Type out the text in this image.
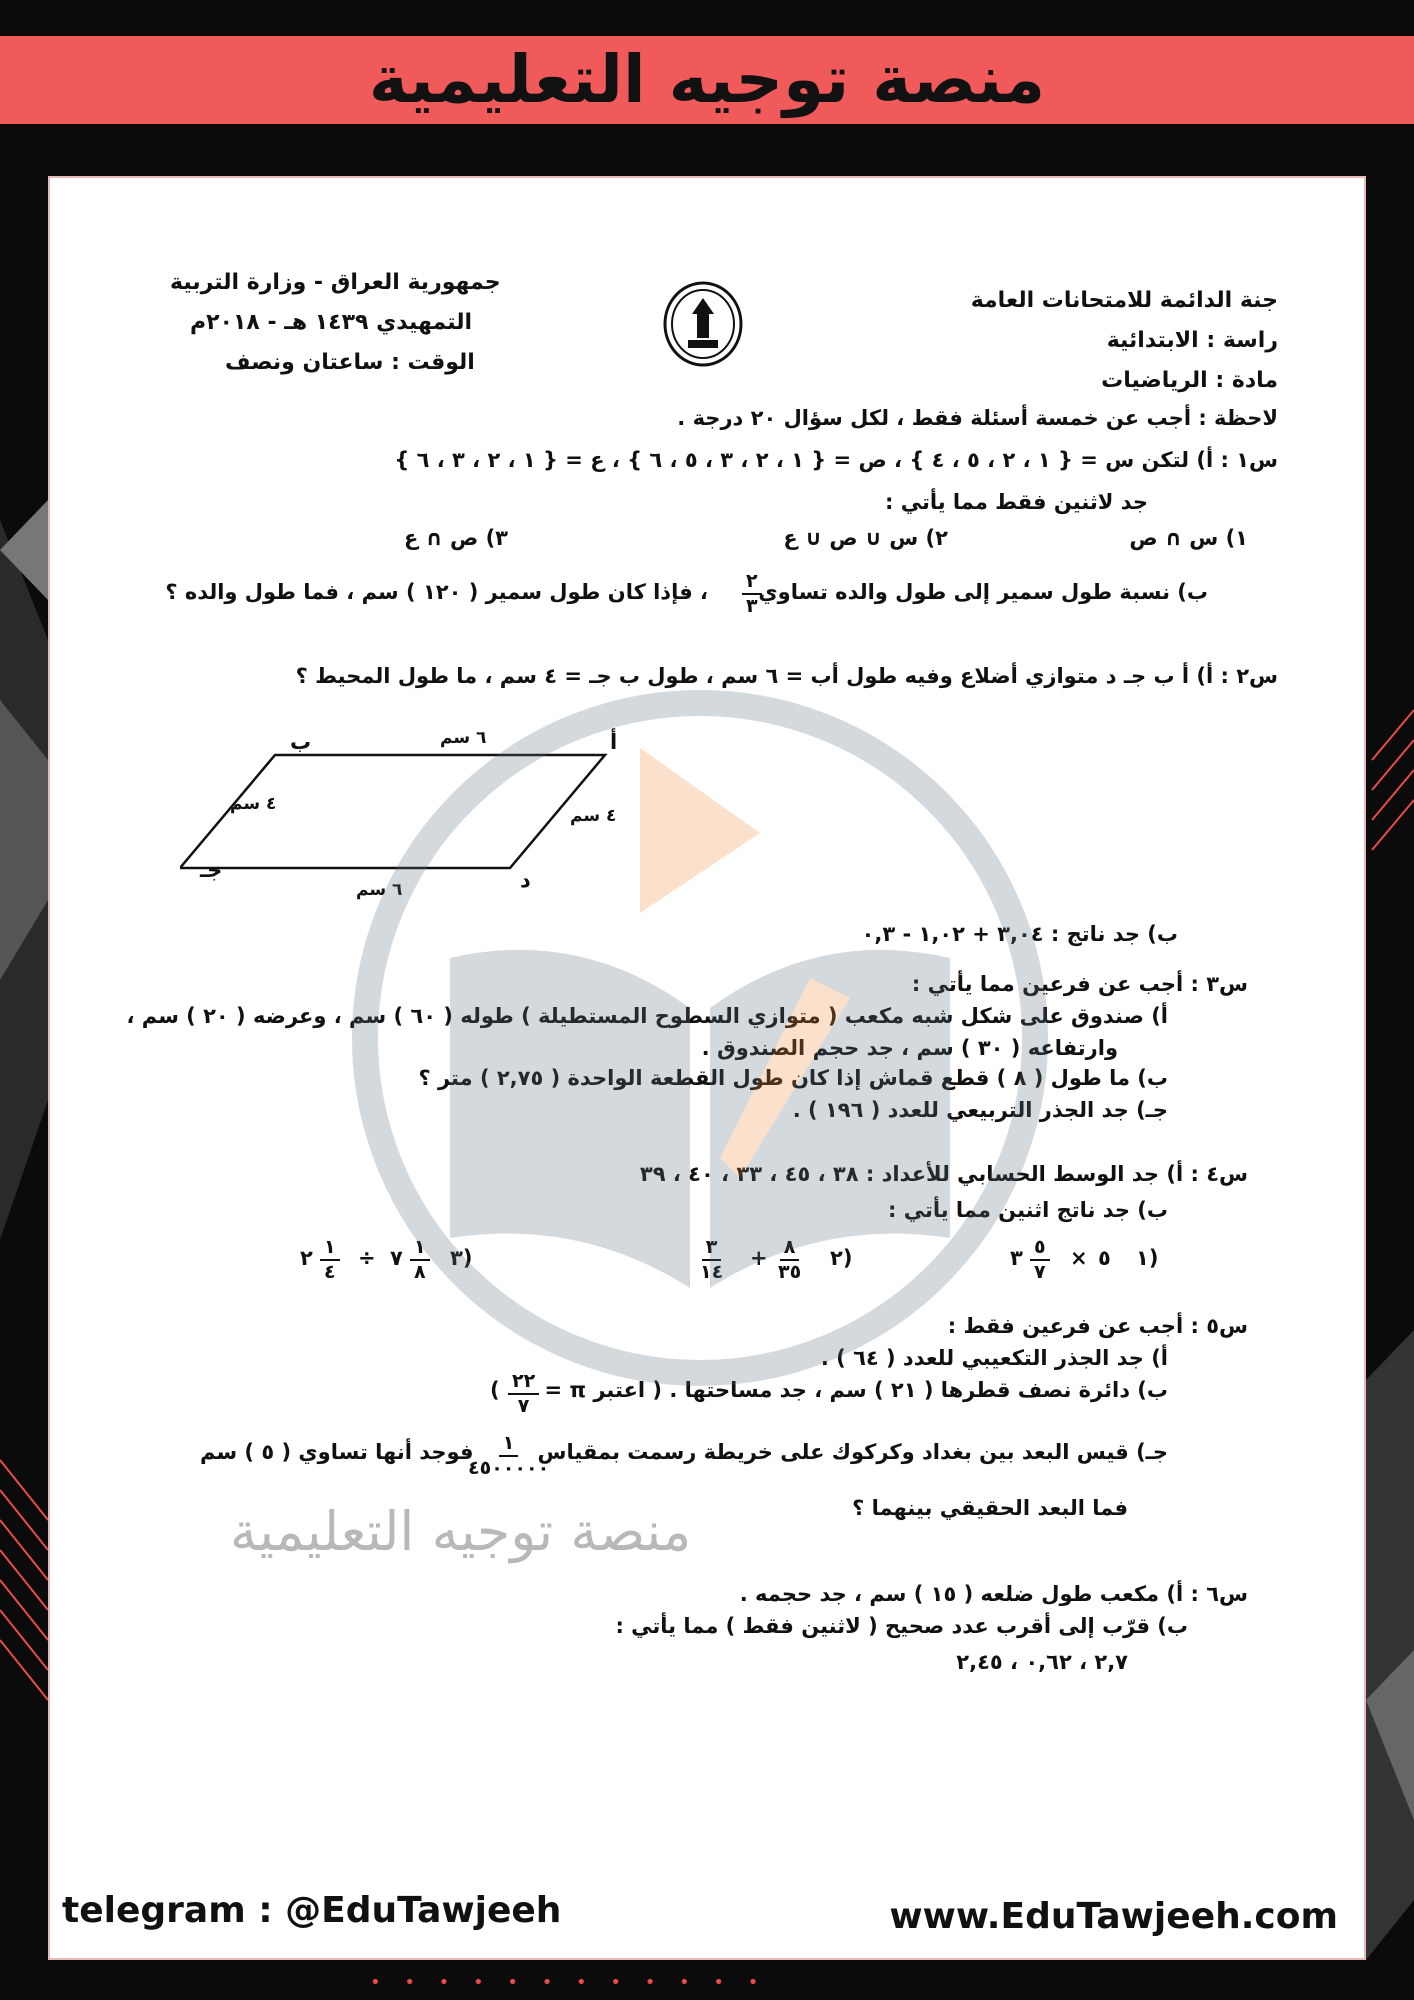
منصة توجيه التعليمية
جنة الدائمة للامتحانات العامة
راسة : الابتدائية
مادة : الرياضيات
جمهورية العراق - وزارة التربية
التمهيدي ١٤٣٩ هـ - ٢٠١٨م
الوقت : ساعتان ونصف
لاحظة : أجب عن خمسة أسئلة فقط ، لكل سؤال ٢٠ درجة .
س١ : أ) لتكن س = { ١ ، ٢ ، ٥ ، ٤ } ، ص = { ١ ، ٢ ، ٣ ، ٥ ، ٦ } ، ع = { ١ ، ٢ ، ٣ ، ٦ }
جد لاثنين فقط مما يأتي :
١) س ∩ ص
٢) س ∪ ص ∪ ع
٣) ص ∩ ع
ب) نسبة طول سمير إلى طول والده تساوي
٢
٣
، فإذا كان طول سمير ( ١٢٠ ) سم ، فما طول والده ؟
س٢ : أ) أ ب جـ د متوازي أضلاع وفيه طول أب = ٦ سم ، طول ب جـ = ٤ سم ، ما طول المحيط ؟
أ
ب
جـ	د
٦ سم
٦ سم
٤ سم
٤ سم
ب) جد ناتج : ٣,٠٤ + ١,٠٢ - ٠,٣
س٣ : أجب عن فرعين مما يأتي :
أ) صندوق على شكل شبه مكعب ( متوازي السطوح المستطيلة ) طوله ( ٦٠ ) سم ، وعرضه ( ٢٠ ) سم ،
وارتفاعه ( ٣٠ ) سم ، جد حجم الصندوق .
ب) ما طول ( ٨ ) قطع قماش إذا كان طول القطعة الواحدة ( ٢,٧٥ ) متر ؟
جـ) جد الجذر التربيعي للعدد ( ١٩٦ ) .
س٤ : أ) جد الوسط الحسابي للأعداد : ٣٨ ، ٤٥ ، ٣٣ ، ٤٠ ، ٣٩
ب) جد ناتج اثنين مما يأتي :
١)
٥
×
٥
٧
٣
٢)
٨
٣٥
+
٣
١٤
٣)
١
٨
٧
÷
١
٤
٢
س٥ : أجب عن فرعين فقط :
أ) جد الجذر التكعيبي للعدد ( ٦٤ ) .
ب) دائرة نصف قطرها ( ٢١ ) سم ، جد مساحتها . ( اعتبر π =
٢٢
٧
(
جـ) قيس البعد بين بغداد وكركوك على خريطة رسمت بمقياس
١
٤٥٠٠٠٠٠
فوجد أنها تساوي ( ٥ ) سم
فما البعد الحقيقي بينهما ؟
س٦ : أ) مكعب طول ضلعه ( ١٥ ) سم ، جد حجمه .
ب) قرّب إلى أقرب عدد صحيح ( لاثنين فقط ) مما يأتي :
٢,٧ ، ٠,٦٢ ، ٢,٤٥
منصة توجيه التعليمية
telegram : @EduTawjeeh	www.EduTawjeeh.com
• • • • • • • • • • • •
